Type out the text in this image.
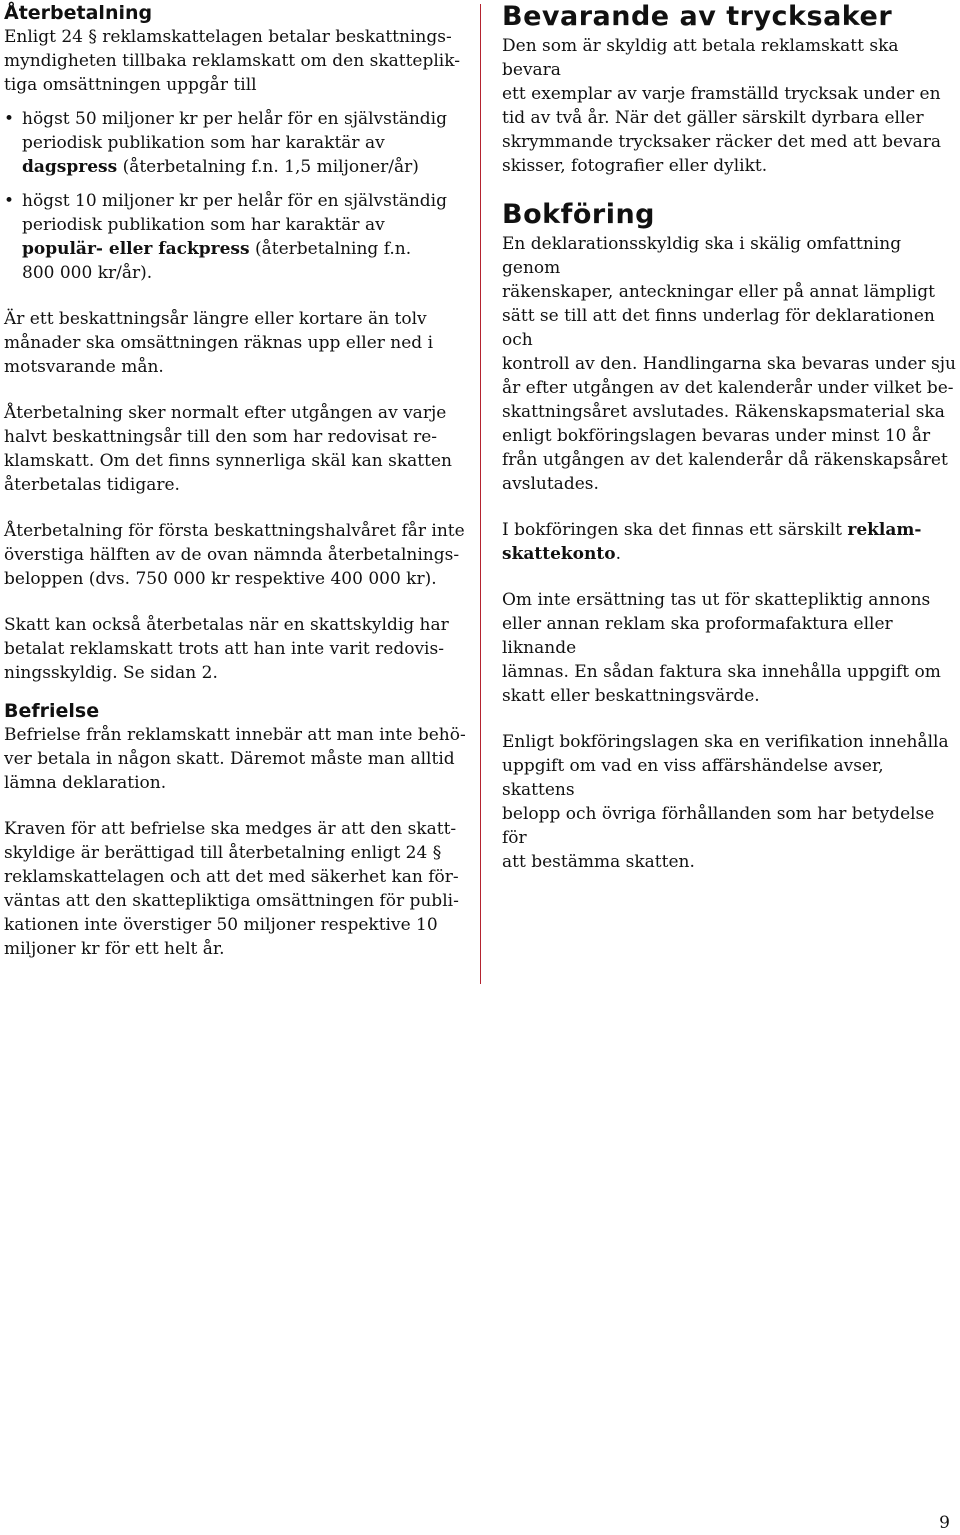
Återbetalning

Enligt 24 § reklamskattelagen betalar beskattnings-
myndigheten tillbaka reklamskatt om den skatteplik-
tiga omsättningen uppgår till

• högst 50 miljoner kr per helår för en självständig
periodisk publikation som har karaktär av
dagspress (återbetalning f.n. 1,5 miljoner/år)
• högst 10 miljoner kr per helår för en självständig
periodisk publikation som har karaktär av
populär- eller fackpress (återbetalning f.n.
800 000 kr/år).

Är ett beskattningsår längre eller kortare än tolv
månader ska omsättningen räknas upp eller ned i
motsvarande mån.

Återbetalning sker normalt efter utgången av varje
halvt beskattningsår till den som har redovisat re-
klamskatt. Om det finns synnerliga skäl kan skatten
återbetalas tidigare.

Återbetalning för första beskattningshalvåret får inte
överstiga hälften av de ovan nämnda återbetalnings-
beloppen (dvs. 750 000 kr respektive 400 000 kr).

Skatt kan också återbetalas när en skattskyldig har
betalat reklamskatt trots att han inte varit redovis-
ningsskyldig. Se sidan 2.

Befrielse

Befrielse från reklamskatt innebär att man inte behö-
ver betala in någon skatt. Däremot måste man alltid
lämna deklaration.

Kraven för att befrielse ska medges är att den skatt-
skyldige är berättigad till återbetalning enligt 24 §
reklamskattelagen och att det med säkerhet kan för-
väntas att den skattepliktiga omsättningen för publi-
kationen inte överstiger 50 miljoner respektive 10
miljoner kr för ett helt år.

Bevarande av trycksaker

Den som är skyldig att betala reklamskatt ska bevara
ett exemplar av varje framställd trycksak under en
tid av två år. När det gäller särskilt dyrbara eller
skrymmande trycksaker räcker det med att bevara
skisser, fotografier eller dylikt.

Bokföring

En deklarationsskyldig ska i skälig omfattning genom
räkenskaper, anteckningar eller på annat lämpligt
sätt se till att det finns underlag för deklarationen och
kontroll av den. Handlingarna ska bevaras under sju
år efter utgången av det kalenderår under vilket be-
skattningsåret avslutades. Räkenskapsmaterial ska
enligt bokföringslagen bevaras under minst 10 år
från utgången av det kalenderår då räkenskapsåret
avslutades.

I bokföringen ska det finnas ett särskilt reklam-
skattekonto.

Om inte ersättning tas ut för skattepliktig annons
eller annan reklam ska proformafaktura eller liknande
lämnas. En sådan faktura ska innehålla uppgift om
skatt eller beskattningsvärde.

Enligt bokföringslagen ska en verifikation innehålla
uppgift om vad en viss affärshändelse avser, skattens
belopp och övriga förhållanden som har betydelse för
att bestämma skatten.

9
